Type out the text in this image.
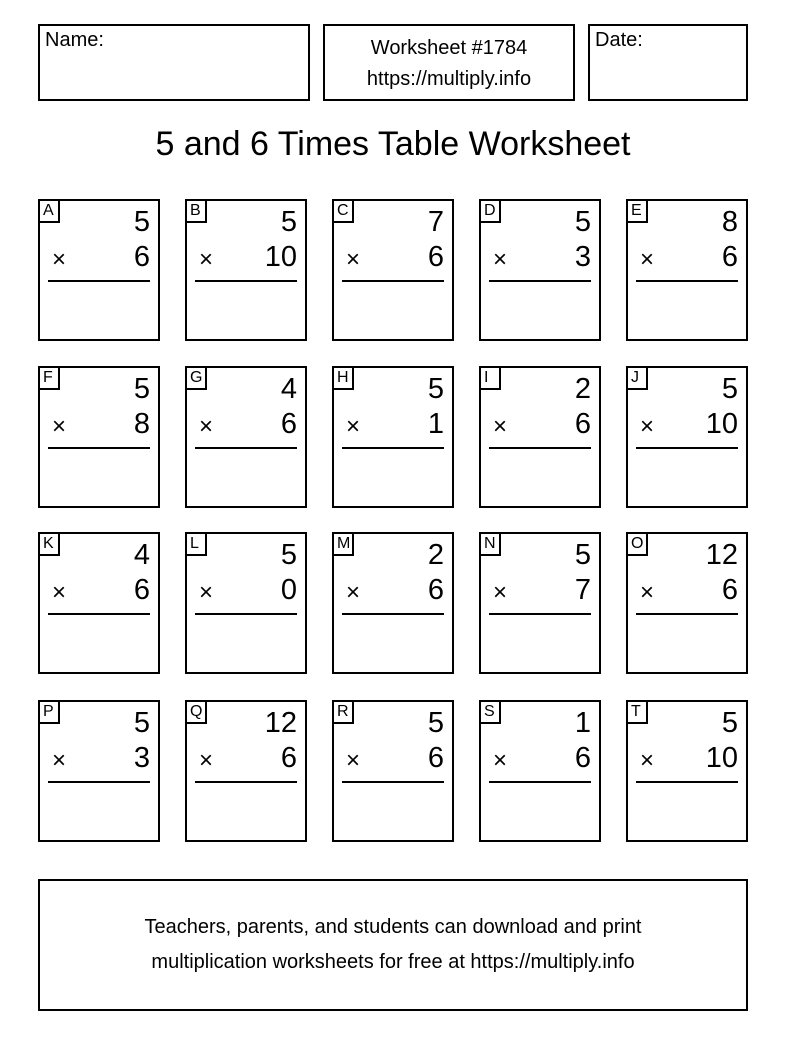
Name:	Worksheet #1784
https://multiply.info
Date:
5 and 6 Times Table Worksheet
A	5
× 6
B	5
× 10
C	7
× 6
D	5
× 3
E	8
× 6
F	5
× 8
G	4
× 6
H	5
× 1
I	2
× 6
J	5
× 10
K	4
× 6
L	5
× 0
M	2
× 6
N	5
× 7
O 12
× 6
P	5
× 3
Q 12
× 6
R	5
× 6
S	1
× 6
T	5
× 10
Teachers, parents, and students can download and print
multiplication worksheets for free at https://multiply.info
